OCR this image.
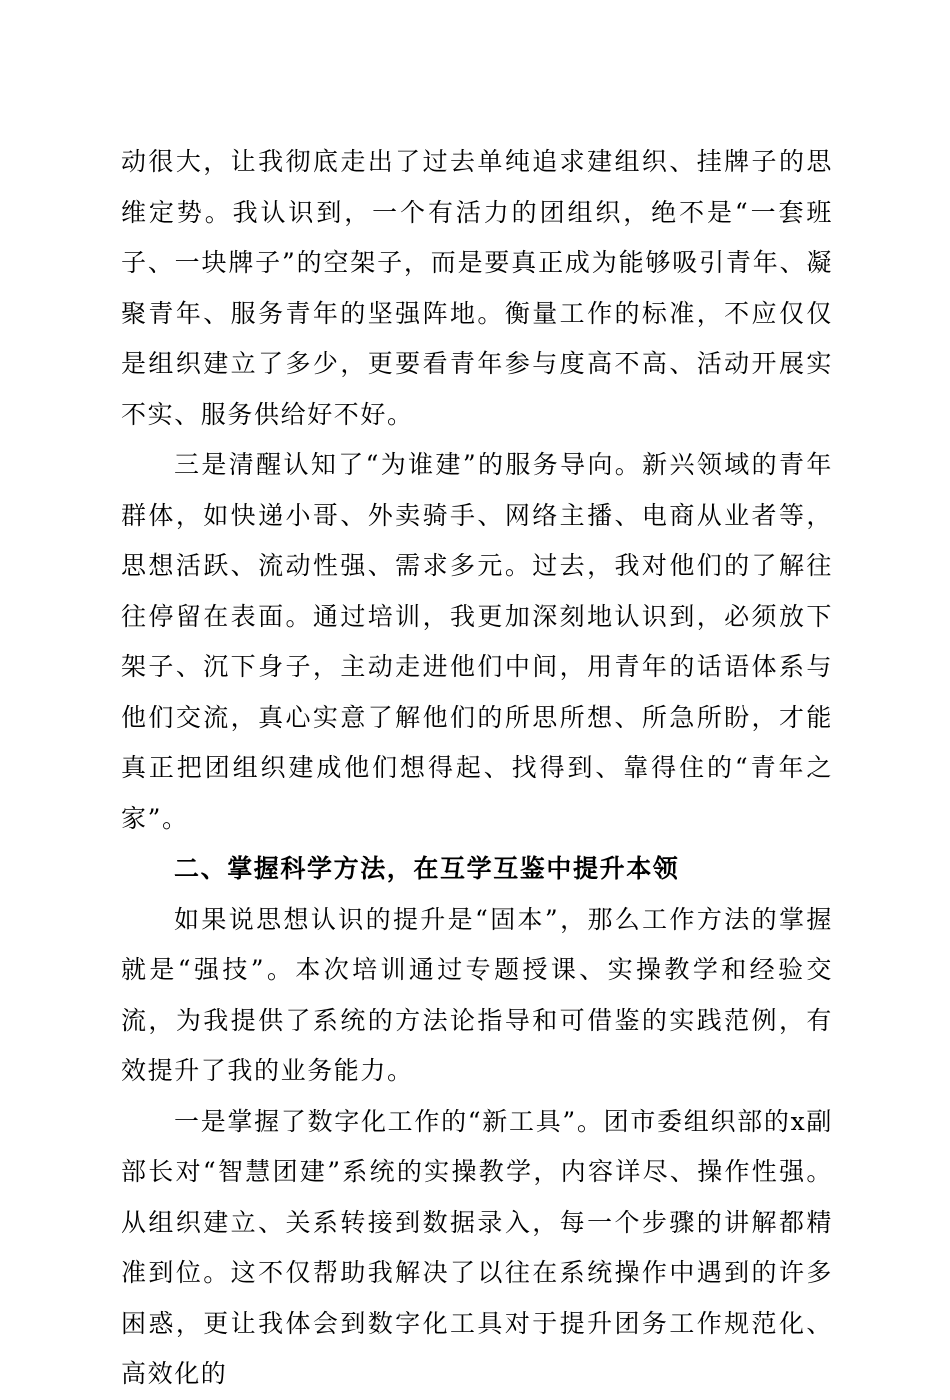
动很大，让我彻底走出了过去单纯追求建组织、挂牌子的思维定势。我认识到，一个有活力的团组织，绝不是“一套班子、一块牌子”的空架子，而是要真正成为能够吸引青年、凝聚青年、服务青年的坚强阵地。衡量工作的标准，不应仅仅是组织建立了多少，更要看青年参与度高不高、活动开展实不实、服务供给好不好。

三是清醒认知了“为谁建”的服务导向。新兴领域的青年群体，如快递小哥、外卖骑手、网络主播、电商从业者等，思想活跃、流动性强、需求多元。过去，我对他们的了解往往停留在表面。通过培训，我更加深刻地认识到，必须放下架子、沉下身子，主动走进他们中间，用青年的话语体系与他们交流，真心实意了解他们的所思所想、所急所盼，才能真正把团组织建成他们想得起、找得到、靠得住的“青年之家”。

二、掌握科学方法，在互学互鉴中提升本领

如果说思想认识的提升是“固本”，那么工作方法的掌握就是“强技”。本次培训通过专题授课、实操教学和经验交流，为我提供了系统的方法论指导和可借鉴的实践范例，有效提升了我的业务能力。

一是掌握了数字化工作的“新工具”。团市委组织部的x副部长对“智慧团建”系统的实操教学，内容详尽、操作性强。从组织建立、关系转接到数据录入，每一个步骤的讲解都精准到位。这不仅帮助我解决了以往在系统操作中遇到的许多困惑，更让我体会到数字化工具对于提升团务工作规范化、高效化的
